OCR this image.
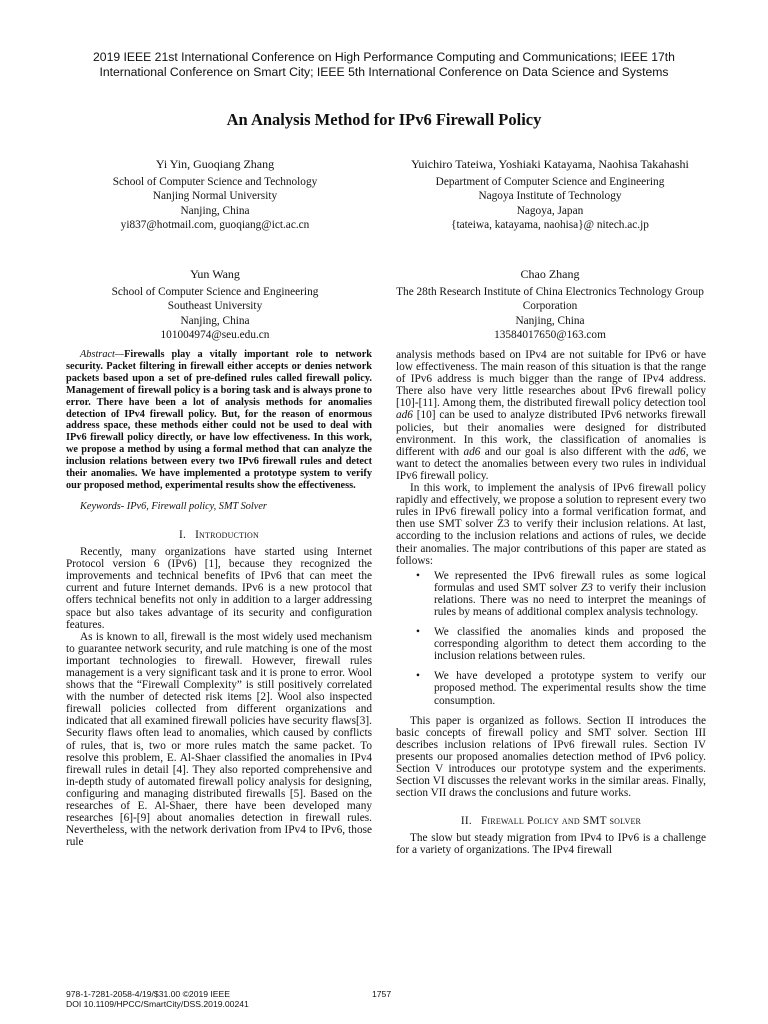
2019 IEEE 21st International Conference on High Performance Computing and Communications; IEEE 17th
International Conference on Smart City; IEEE 5th International Conference on Data Science and Systems
An Analysis Method for IPv6 Firewall Policy
Yi Yin, Guoqiang Zhang
School of Computer Science and Technology
Nanjing Normal University
Nanjing, China
yi837@hotmail.com, guoqiang@ict.ac.cn
Yuichiro Tateiwa, Yoshiaki Katayama, Naohisa Takahashi
Department of Computer Science and Engineering
Nagoya Institute of Technology
Nagoya, Japan
{tateiwa, katayama, naohisa}@ nitech.ac.jp
Yun Wang
School of Computer Science and Engineering
Southeast University
Nanjing, China
101004974@seu.edu.cn
Chao Zhang
The 28th Research Institute of China Electronics Technology Group Corporation
Nanjing, China
13584017650@163.com

Abstract—Firewalls play a vitally important role to network security. Packet filtering in firewall either accepts or denies network packets based upon a set of pre-defined rules called firewall policy. Management of firewall policy is a boring task and is always prone to error. There have been a lot of analysis methods for anomalies detection of IPv4 firewall policy. But, for the reason of enormous address space, these methods either could not be used to deal with IPv6 firewall policy directly, or have low effectiveness. In this work, we propose a method by using a formal method that can analyze the inclusion relations between every two IPv6 firewall rules and detect their anomalies. We have implemented a prototype system to verify our proposed method, experimental results show the effectiveness.

Keywords- IPv6, Firewall policy, SMT Solver

I. Introduction

Recently, many organizations have started using Internet Protocol version 6 (IPv6) [1], because they recognized the improvements and technical benefits of IPv6 that can meet the current and future Internet demands. IPv6 is a new protocol that offers technical benefits not only in addition to a larger addressing space but also takes advantage of its security and configuration features.

As is known to all, firewall is the most widely used mechanism to guarantee network security, and rule matching is one of the most important technologies to firewall. However, firewall rules management is a very significant task and it is prone to error. Wool shows that the “Firewall Complexity” is still positively correlated with the number of detected risk items [2]. Wool also inspected firewall policies collected from different organizations and indicated that all examined firewall policies have security flaws[3]. Security flaws often lead to anomalies, which caused by conflicts of rules, that is, two or more rules match the same packet. To resolve this problem, E. Al-Shaer classified the anomalies in IPv4 firewall rules in detail [4]. They also reported comprehensive and in-depth study of automated firewall policy analysis for designing, configuring and managing distributed firewalls [5]. Based on the researches of E. Al-Shaer, there have been developed many researches [6]-[9] about anomalies detection in firewall rules. Nevertheless, with the network derivation from IPv4 to IPv6, those rule

analysis methods based on IPv4 are not suitable for IPv6 or have low effectiveness. The main reason of this situation is that the range of IPv6 address is much bigger than the range of IPv4 address. There also have very little researches about IPv6 firewall policy [10]-[11]. Among them, the distributed firewall policy detection tool ad6 [10] can be used to analyze distributed IPv6 networks firewall policies, but their anomalies were designed for distributed environment. In this work, the classification of anomalies is different with ad6 and our goal is also different with the ad6, we want to detect the anomalies between every two rules in individual IPv6 firewall policy.

In this work, to implement the analysis of IPv6 firewall policy rapidly and effectively, we propose a solution to represent every two rules in IPv6 firewall policy into a formal verification format, and then use SMT solver Z3 to verify their inclusion relations. At last, according to the inclusion relations and actions of rules, we decide their anomalies. The major contributions of this paper are stated as follows:

• We represented the IPv6 firewall rules as some logical formulas and used SMT solver Z3 to verify their inclusion relations. There was no need to interpret the meanings of rules by means of additional complex analysis technology.
• We classified the anomalies kinds and proposed the corresponding algorithm to detect them according to the inclusion relations between rules.
• We have developed a prototype system to verify our proposed method. The experimental results show the time consumption.

This paper is organized as follows. Section II introduces the basic concepts of firewall policy and SMT solver. Section III describes inclusion relations of IPv6 firewall rules. Section IV presents our proposed anomalies detection method of IPv6 policy. Section V introduces our prototype system and the experiments. Section VI discusses the relevant works in the similar areas. Finally, section VII draws the conclusions and future works.

II. Firewall Policy and SMT solver

The slow but steady migration from IPv4 to IPv6 is a challenge for a variety of organizations. The IPv4 firewall

978-1-7281-2058-4/19/$31.00 ©2019 IEEE
DOI 10.1109/HPCC/SmartCity/DSS.2019.00241
1757
